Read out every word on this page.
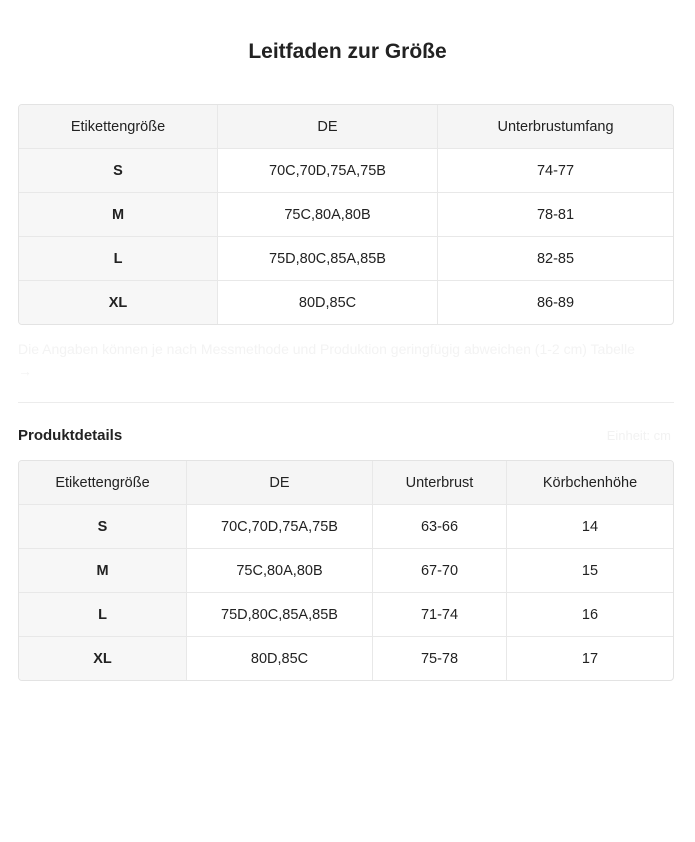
Leitfaden zur Größe
Etikettengröße	DE	Unterbrustumfang
S	70C,70D,75A,75B	74-77
M	75C,80A,80B	78-81
L	75D,80C,85A,85B	82-85
XL	80D,85C	86-89
Die Angaben können je nach Messmethode und Produktion geringfügig abweichen (1-2 cm) Tabelle →
Produktdetails	Einheit: cm
Etikettengröße	DE	Unterbrust	Körbchenhöhe
S	70C,70D,75A,75B	63-66	14
M	75C,80A,80B	67-70	15
L	75D,80C,85A,85B	71-74	16
XL	80D,85C	75-78	17
